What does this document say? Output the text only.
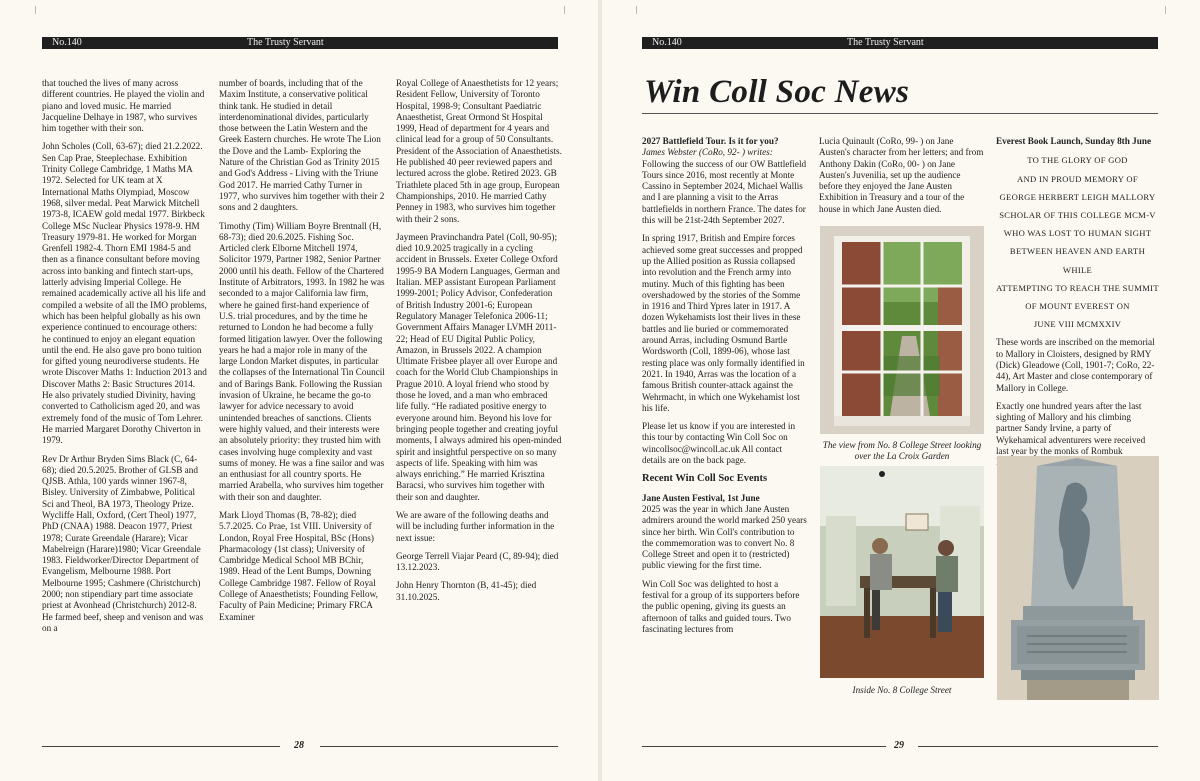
No.140	The Trusty Servant

that touched the lives of many across different countries. He played the violin and piano and loved music. He married Jacqueline Delhaye in 1987, who survives him together with their son.

John Scholes (Coll, 63-67); died 21.2.2022. Sen Cap Prae, Steeplechase. Exhibition Trinity College Cambridge, 1 Maths MA 1972. Selected for UK team at X International Maths Olympiad, Moscow 1968, silver medal. Peat Marwick Mitchell 1973-8, ICAEW gold medal 1977. Birkbeck College MSc Nuclear Physics 1978-9. HM Treasury 1979-81. He worked for Morgan Grenfell 1982-4. Thorn EMI 1984-5 and then as a finance consultant before moving across into banking and fintech start-ups, latterly advising Imperial College. He remained academically active all his life and compiled a website of all the IMO problems, which has been helpful globally as his own experience continued to encourage others: he continued to enjoy an elegant equation until the end. He also gave pro bono tuition for gifted young neurodiverse students. He wrote Discover Maths 1: Induction 2013 and Discover Maths 2: Basic Structures 2014. He also privately studied Divinity, having converted to Catholicism aged 20, and was extremely fond of the music of Tom Lehrer. He married Margaret Dorothy Chiverton in 1979.

Rev Dr Arthur Bryden Sims Black (C, 64-68); died 20.5.2025. Brother of GLSB and QJSB. Athla, 100 yards winner 1967-8, Bisley. University of Zimbabwe, Political Sci and Theol, BA 1973, Theology Prize. Wycliffe Hall, Oxford, (Cert Theol) 1977, PhD (CNAA) 1988. Deacon 1977, Priest 1978; Curate Greendale (Harare); Vicar Mabelreign (Harare)1980; Vicar Greendale 1983. Fieldworker/Director Department of Evangelism, Melbourne 1988. Port Melbourne 1995; Cashmere (Christchurch) 2000; non stipendiary part time associate priest at Avonhead (Christchurch) 2012-8. He farmed beef, sheep and venison and was on a

number of boards, including that of the Maxim Institute, a conservative political think tank. He studied in detail interdenominational divides, particularly those between the Latin Western and the Greek Eastern churches. He wrote The Lion the Dove and the Lamb- Exploring the Nature of the Christian God as Trinity 2015 and God's Address - Living with the Triune God 2017. He married Cathy Turner in 1977, who survives him together with their 2 sons and 2 daughters.

Timothy (Tim) William Boyre Brentnall (H, 68-73); died 20.6.2025. Fishing Soc. Articled clerk Elborne Mitchell 1974, Solicitor 1979, Partner 1982, Senior Partner 2000 until his death. Fellow of the Chartered Institute of Arbitrators, 1993. In 1982 he was seconded to a major California law firm, where he gained first-hand experience of U.S. trial procedures, and by the time he returned to London he had become a fully formed litigation lawyer. Over the following years he had a major role in many of the large London Market disputes, in particular the collapses of the International Tin Council and of Barings Bank. Following the Russian invasion of Ukraine, he became the go-to lawyer for advice necessary to avoid unintended breaches of sanctions. Clients were highly valued, and their interests were an absolutely priority: they trusted him with cases involving huge complexity and vast sums of money. He was a fine sailor and was an enthusiast for all country sports. He married Arabella, who survives him together with their son and daughter.

Mark Lloyd Thomas (B, 78-82); died 5.7.2025. Co Prae, 1st VIII. University of London, Royal Free Hospital, BSc (Hons) Pharmacology (1st class); University of Cambridge Medical School MB BChir, 1989. Head of the Lent Bumps, Downing College Cambridge 1987. Fellow of Royal College of Anaesthetists; Founding Fellow, Faculty of Pain Medicine; Primary FRCA Examiner

Royal College of Anaesthetists for 12 years; Resident Fellow, University of Toronto Hospital, 1998-9; Consultant Paediatric Anaesthetist, Great Ormond St Hospital 1999, Head of department for 4 years and clinical lead for a group of 50 Consultants. President of the Association of Anaesthetists. He published 40 peer reviewed papers and lectured across the globe. Retired 2023. GB Triathlete placed 5th in age group, European Championships, 2010. He married Cathy Penney in 1983, who survives him together with their 2 sons.

Jaymeen Pravinchandra Patel (Coll, 90-95); died 10.9.2025 tragically in a cycling accident in Brussels. Exeter College Oxford 1995-9 BA Modern Languages, German and Italian. MEP assistant European Parliament 1999-2001; Policy Advisor, Confederation of British Industry 2001-6; European Regulatory Manager Telefonica 2006-11; Government Affairs Manager LVMH 2011-22; Head of EU Digital Public Policy, Amazon, in Brussels 2022. A champion Ultimate Frisbee player all over Europe and coach for the World Club Championships in Prague 2010. A loyal friend who stood by those he loved, and a man who embraced life fully. “He radiated positive energy to everyone around him. Beyond his love for bringing people together and creating joyful moments, I always admired his open-minded spirit and insightful perspective on so many aspects of life. Speaking with him was always enriching.” He married Krisztina Baracsi, who survives him together with their son and daughter.

We are aware of the following deaths and will be including further information in the next issue:

George Terrell Viajar Peard (C, 89-94); died 13.12.2023.

John Henry Thornton (B, 41-45); died 31.10.2025.

28
No.140	The Trusty Servant
Win Coll Soc News
2027 Battlefield Tour. Is it for you?
James Webster (CoRo, 92- ) writes:

Following the success of our OW Battlefield Tours since 2016, most recently at Monte Cassino in September 2024, Michael Wallis and I are planning a visit to the Arras battlefields in northern France. The dates for this will be 21st-24th September 2027.

In spring 1917, British and Empire forces achieved some great successes and propped up the Allied position as Russia collapsed into revolution and the French army into mutiny. Much of this fighting has been overshadowed by the stories of the Somme in 1916 and Third Ypres later in 1917. A dozen Wykehamists lost their lives in these battles and lie buried or commemorated around Arras, including Osmund Bartle Wordsworth (Coll, 1899-06), whose last resting place was only formally identified in 2021. In 1940, Arras was the location of a famous British counter-attack against the Wehrmacht, in which one Wykehamist lost his life.

Please let us know if you are interested in this tour by contacting Win Coll Soc on wincollsoc@wincoll.ac.uk All contact details are on the back page.

Recent Win Coll Soc Events
Jane Austen Festival, 1st June

2025 was the year in which Jane Austen admirers around the world marked 250 years since her birth. Win Coll's contribution to the commemoration was to convert No. 8 College Street and open it to (restricted) public viewing for the first time.

Win Coll Soc was delighted to host a festival for a group of its supporters before the public opening, giving its guests an afternoon of talks and guided tours. Two fascinating lectures from

Lucia Quinault (CoRo, 99- ) on Jane Austen's character from her letters; and from Anthony Dakin (CoRo, 00- ) on Jane Austen's Juvenilia, set up the audience before they enjoyed the Jane Austen Exhibition in Treasury and a tour of the house in which Jane Austen died.

The view from No. 8 College Street looking over the La Croix Garden
Inside No. 8 College Street
Everest Book Launch, Sunday 8th June
TO THE GLORY OF GOD
AND IN PROUD MEMORY OF
GEORGE HERBERT LEIGH MALLORY
SCHOLAR OF THIS COLLEGE MCM-V
WHO WAS LOST TO HUMAN SIGHT
BETWEEN HEAVEN AND EARTH WHILE
ATTEMPTING TO REACH THE SUMMIT
OF MOUNT EVEREST ON
JUNE VIII MCMXXIV

These words are inscribed on the memorial to Mallory in Cloisters, designed by RMY (Dick) Gleadowe (Coll, 1901-7; CoRo, 22-44), Art Master and close contemporary of Mallory in College.

Exactly one hundred years after the last sighting of Mallory and his climbing partner Sandy Irvine, a party of Wykehamical adventurers were received last year by the monks of Rombuk

29
